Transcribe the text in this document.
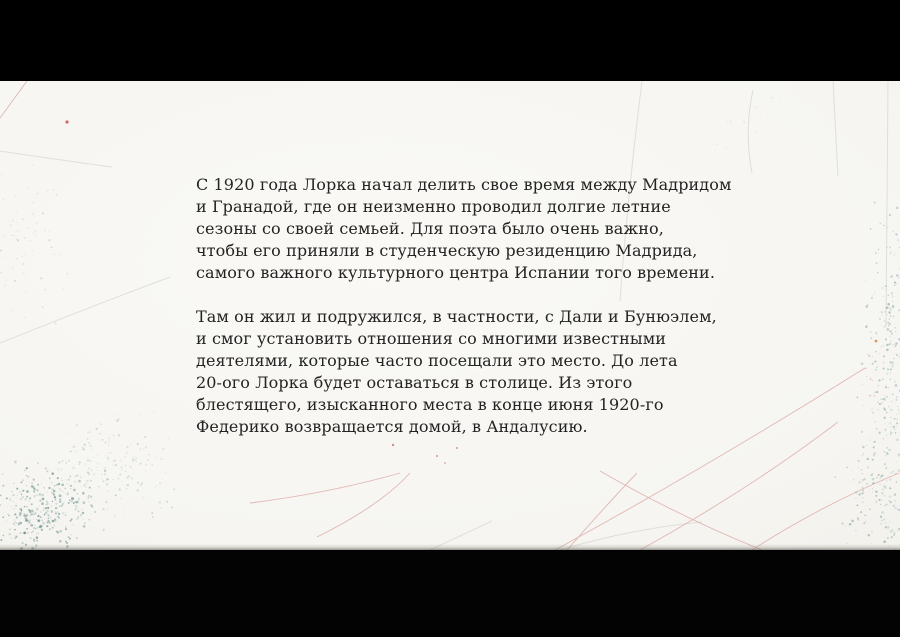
С 1920 года Лорка начал делить свое время между Мадридом
и Гранадой, где он неизменно проводил долгие летние
сезоны со своей семьей. Для поэта было очень важно,
чтобы его приняли в студенческую резиденцию Мадрида,
самого важного культурного центра Испании того времени.
Там он жил и подружился, в частности, с Дали и Бунюэлем,
и смог установить отношения со многими известными
деятелями, которые часто посещали это место. До лета
20-ого Лорка будет оставаться в столице. Из этого
блестящего, изысканного места в конце июня 1920-го
Федерико возвращается домой, в Андалусию.
